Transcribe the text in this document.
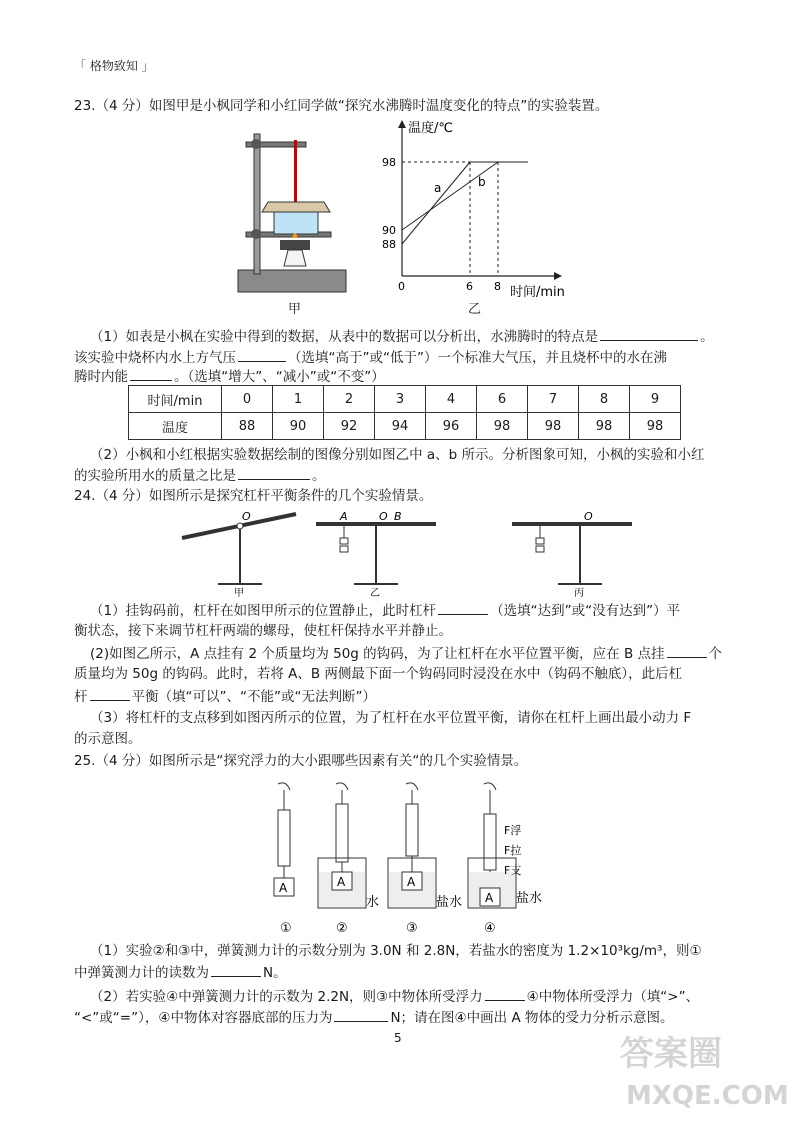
「 格物致知 」
23.（4 分）如图甲是小枫同学和小红同学做“探究水沸腾时温度变化的特点”的实验装置。
甲
温度/℃
时间/min
98
90
88
0	6 8
a	b
乙
（1）如表是小枫在实验中得到的数据，从表中的数据可以分析出，水沸腾时的特点是	。
该实验中烧杯内水上方气压	（选填“高于”或“低于”）一个标准大气压，并且烧杯中的水在沸
腾时内能	。（选填“增大”、“减小”或“不变”）
时间/min	0	1	2	3	4	6	7	8	9
温度	88	90	92	94	96	98	98	98	98
（2）小枫和小红根据实验数据绘制的图像分别如图乙中 a、b 所示。分析图象可知，小枫的实验和小红
的实验所用水的质量之比是	。
24.（4 分）如图所示是探究杠杆平衡条件的几个实验情景。
O
甲
A	O B
乙
O
丙
（1）挂钩码前，杠杆在如图甲所示的位置静止，此时杠杆	（选填“达到”或“没有达到”）平
衡状态，接下来调节杠杆两端的螺母，使杠杆保持水平并静止。
(2)如图乙所示，A 点挂有 2 个质量均为 50g 的钩码，为了让杠杆在水平位置平衡，应在 B 点挂	个
质量均为 50g 的钩码。此时，若将 A、B 两侧最下面一个钩码同时浸没在水中（钩码不触底），此后杠
杆	平衡（填“可以”、“不能”或“无法判断”）
（3）将杠杆的支点移到如图丙所示的位置，为了杠杆在水平位置平衡，请你在杠杆上画出最小动力 F
的示意图。
25.（4 分）如图所示是“探究浮力的大小跟哪些因素有关“的几个实验情景。
A
①
A
水
②
A
盐水
③
A
F浮
F拉
F支
盐水
④
（1）实验②和③中，弹簧测力计的示数分别为 3.0N 和 2.8N，若盐水的密度为 1.2×10³kg/m³，则①
中弹簧测力计的读数为	N。
（2）若实验④中弹簧测力计的示数为 2.2N，则③中物体所受浮力	④中物体所受浮力（填“>”、
“<”或“=”），④中物体对容器底部的压力为	N；请在图④中画出 A 物体的受力分析示意图。
5	答案圈
MXQE.COM
